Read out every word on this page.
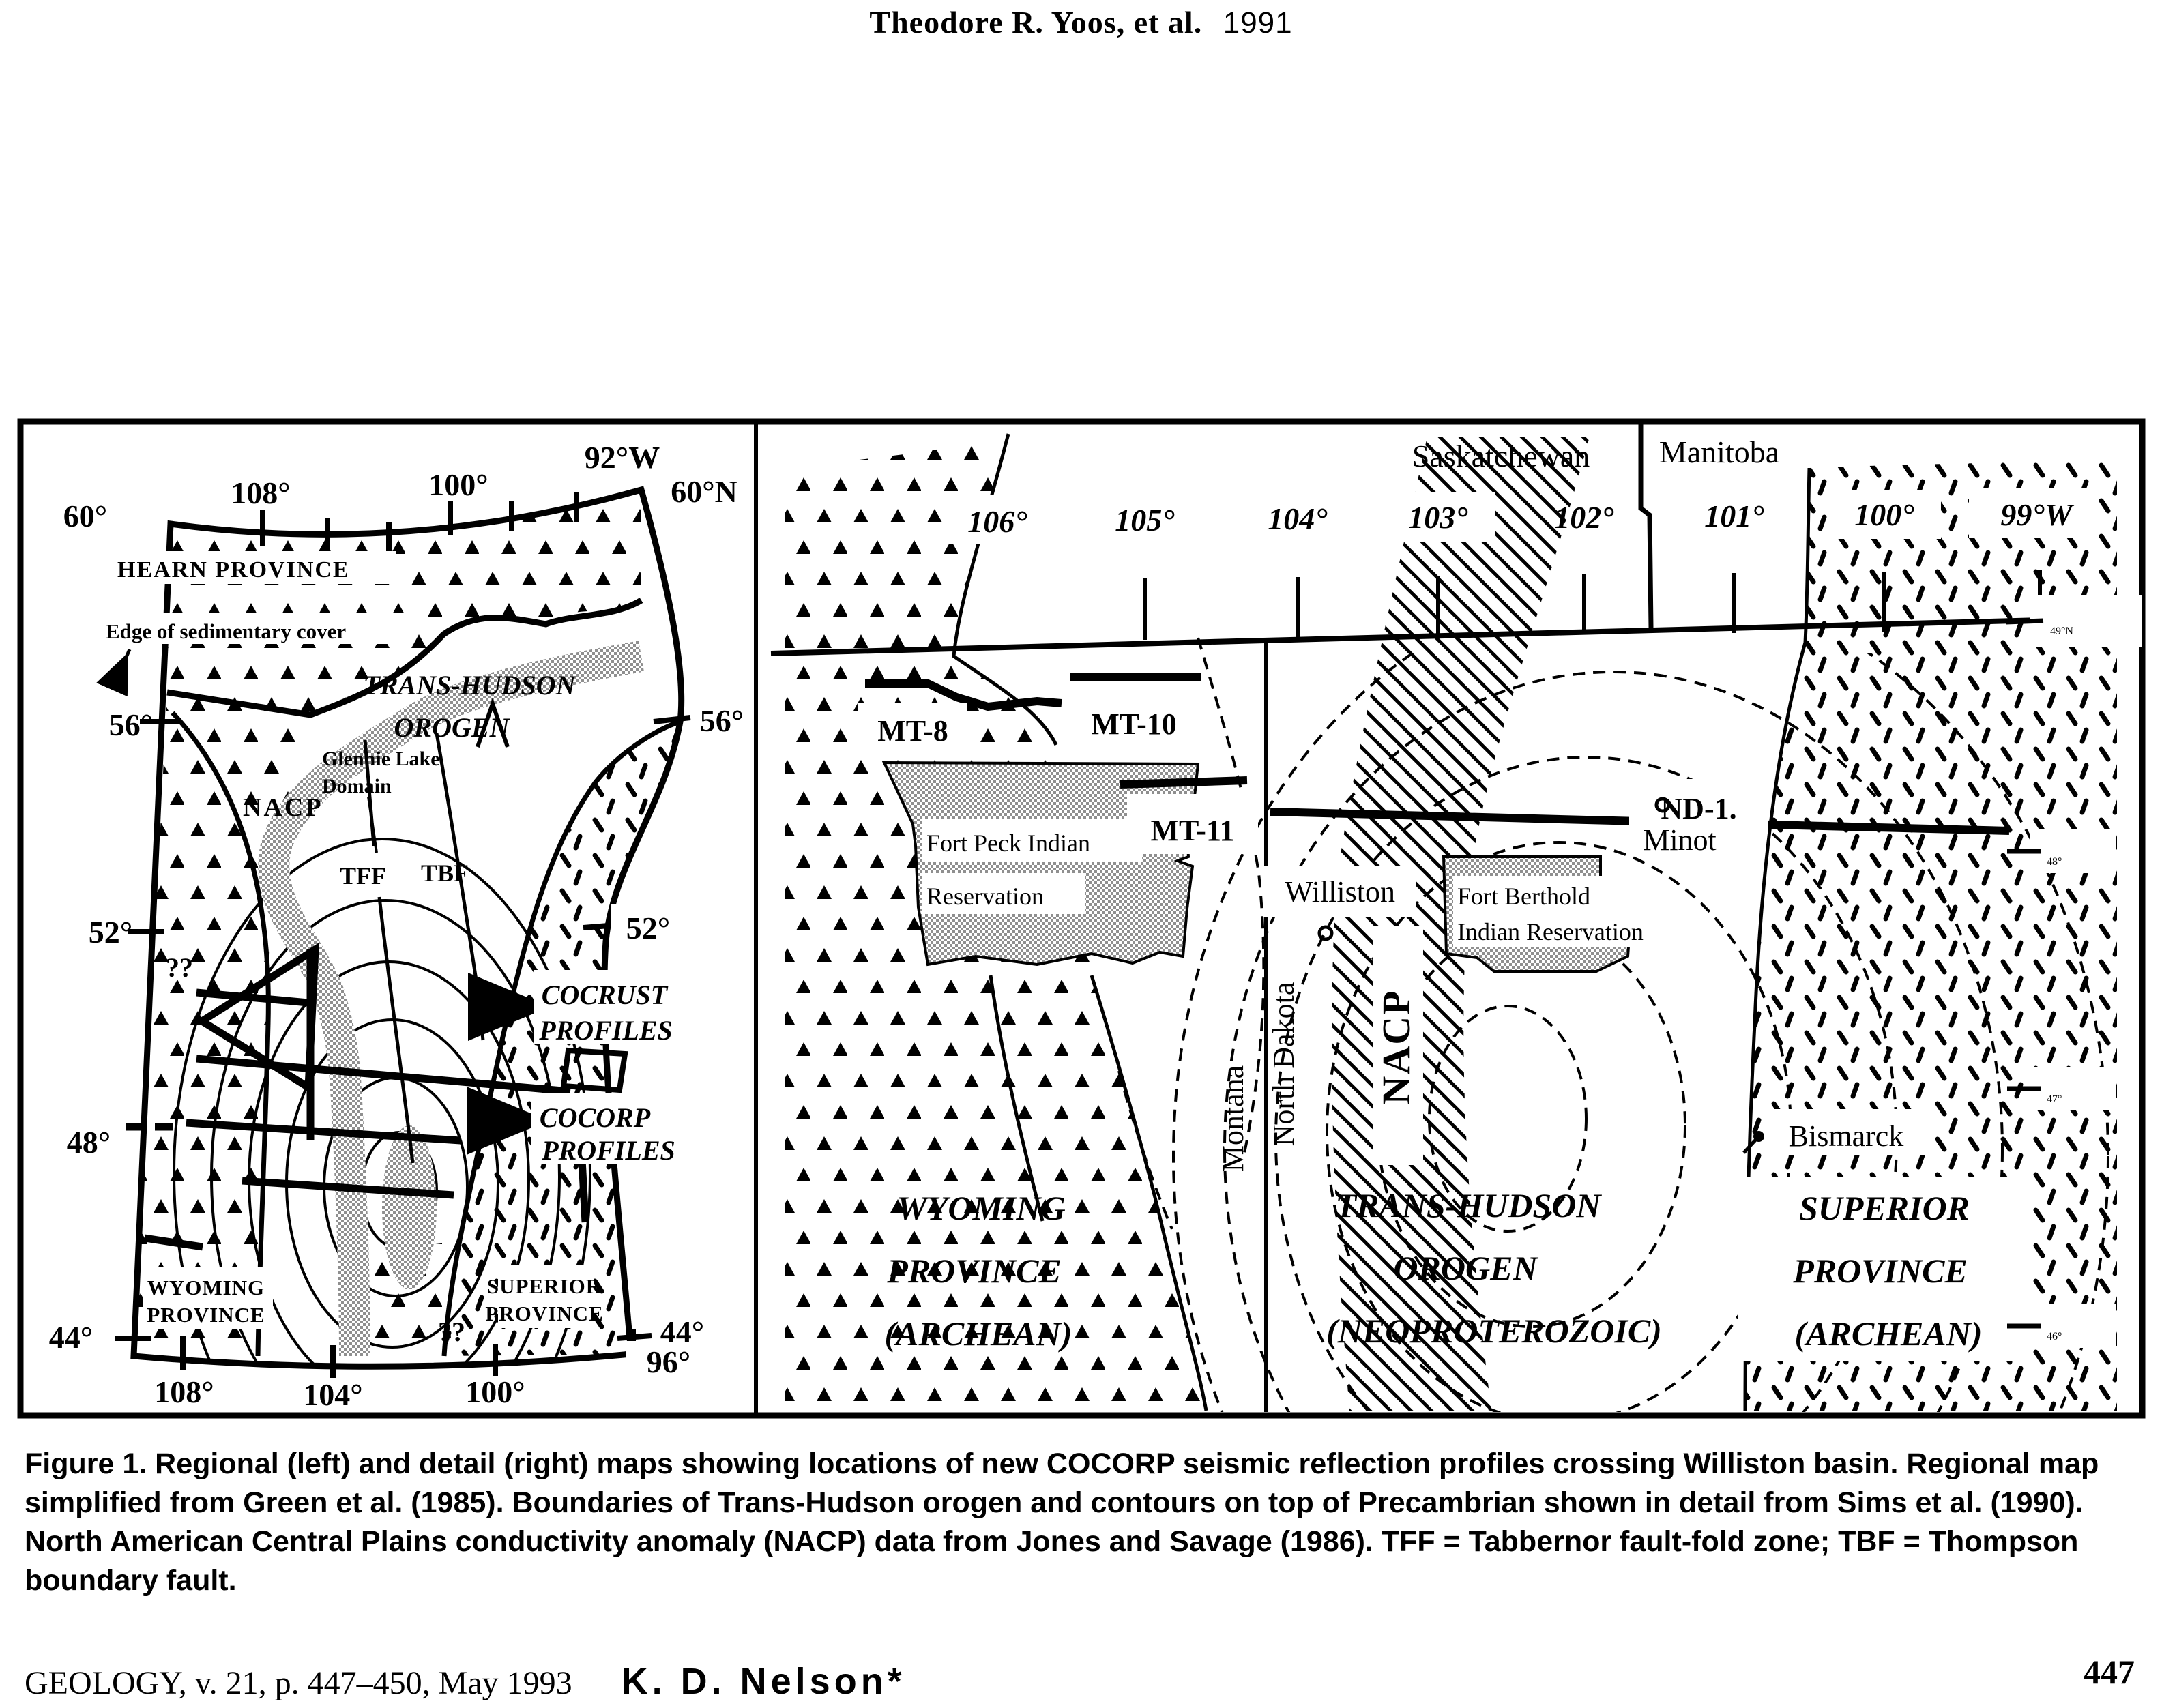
Theodore R. Yoos, et al. 1991
60°
108°	100°
92°W
60°N
56°	56°
52°	52°
48°
44°	44°
108°	104°	100°
96°
HEARN PROVINCE
Edge of sedimentary cover
TRANS-HUDSON
OROGEN
Glennie Lake
Domain
NACP
TFF TBF
COCRUST
PROFILES
COCORP
PROFILES
WYOMING
PROVINCE
SUPERIOR
PROVINCE
??
??
Saskatchewan Manitoba
106°	105°	104°	103°	102°	101°	100°	99°W
49°N
48°
47°
46°
MT-8	MT-10
MT-11
ND-1.
Fort Peck Indian
Reservation	Williston
Minot
Fort Berthold
Indian Reservation
Bismarck
Montana North Dakota NACP
WYOMING
PROVINCE
(ARCHEAN)
TRANS-HUDSON
OROGEN
(NEOPROTEROZOIC)
SUPERIOR
PROVINCE
(ARCHEAN)
Figure 1. Regional (left) and detail (right) maps showing locations of new COCORP seismic reflection profiles crossing Williston basin. Regional map
simplified from Green et al. (1985). Boundaries of Trans-Hudson orogen and contours on top of Precambrian shown in detail from Sims et al. (1990).
North American Central Plains conductivity anomaly (NACP) data from Jones and Savage (1986). TFF = Tabbernor fault-fold zone; TBF = Thompson
boundary fault.
GEOLOGY, v. 21, p. 447–450, May 1993 K. D. Nelson*	447
